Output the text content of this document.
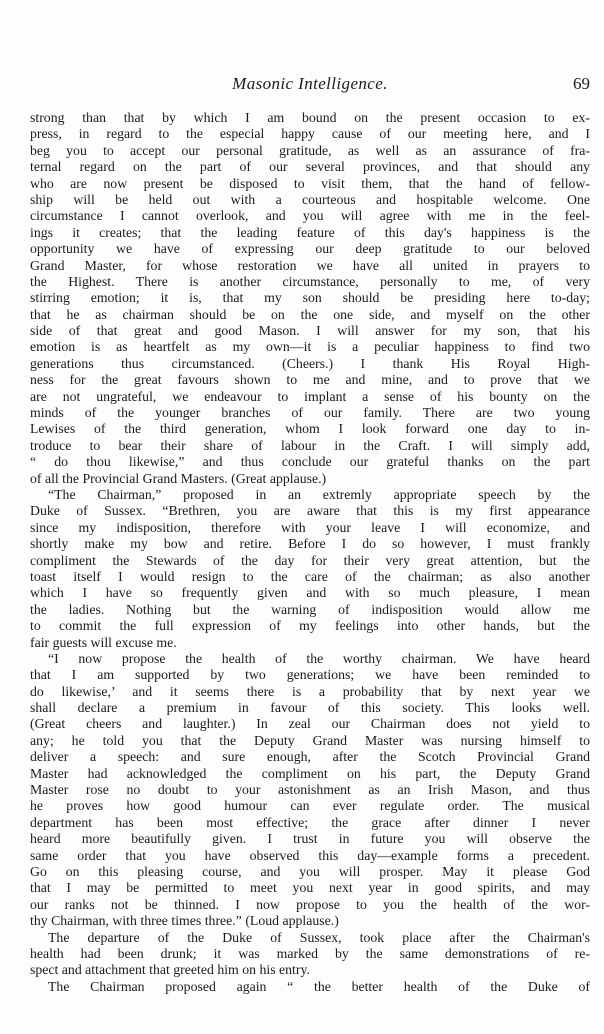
Masonic Intelligence.	69
strong than that by which I am bound on the present occasion to ex-
press, in regard to the especial happy cause of our meeting here, and I
beg you to accept our personal gratitude, as well as an assurance of fra-
ternal regard on the part of our several provinces, and that should any
who are now present be disposed to visit them, that the hand of fellow-
ship will be held out with a courteous and hospitable welcome. One
circumstance I cannot overlook, and you will agree with me in the feel-
ings it creates; that the leading feature of this day's happiness is the
opportunity we have of expressing our deep gratitude to our beloved
Grand Master, for whose restoration we have all united in prayers to
the Highest. There is another circumstance, personally to me, of very
stirring emotion; it is, that my son should be presiding here to-day;
that he as chairman should be on the one side, and myself on the other
side of that great and good Mason. I will answer for my son, that his
emotion is as heartfelt as my own—it is a peculiar happiness to find two
generations thus circumstanced. (Cheers.) I thank His Royal High-
ness for the great favours shown to me and mine, and to prove that we
are not ungrateful, we endeavour to implant a sense of his bounty on the
minds of the younger branches of our family. There are two young
Lewises of the third generation, whom I look forward one day to in-
troduce to bear their share of labour in the Craft. I will simply add,
“ do thou likewise,” and thus conclude our grateful thanks on the part
of all the Provincial Grand Masters. (Great applause.)
“The Chairman,” proposed in an extremly appropriate speech by the
Duke of Sussex. “Brethren, you are aware that this is my first appearance
since my indisposition, therefore with your leave I will economize, and
shortly make my bow and retire. Before I do so however, I must frankly
compliment the Stewards of the day for their very great attention, but the
toast itself I would resign to the care of the chairman; as also another
which I have so frequently given and with so much pleasure, I mean
the ladies. Nothing but the warning of indisposition would allow me
to commit the full expression of my feelings into other hands, but the
fair guests will excuse me.
“I now propose the health of the worthy chairman. We have heard
that I am supported by two generations; we have been reminded to
do likewise,’ and it seems there is a probability that by next year we
shall declare a premium in favour of this society. This looks well.
(Great cheers and laughter.) In zeal our Chairman does not yield to
any; he told you that the Deputy Grand Master was nursing himself to
deliver a speech: and sure enough, after the Scotch Provincial Grand
Master had acknowledged the compliment on his part, the Deputy Grand
Master rose no doubt to your astonishment as an Irish Mason, and thus
he proves how good humour can ever regulate order. The musical
department has been most effective; the grace after dinner I never
heard more beautifully given. I trust in future you will observe the
same order that you have observed this day—example forms a precedent.
Go on this pleasing course, and you will prosper. May it please God
that I may be permitted to meet you next year in good spirits, and may
our ranks not be thinned. I now propose to you the health of the wor-
thy Chairman, with three times three.” (Loud applause.)
The departure of the Duke of Sussex, took place after the Chairman's
health had been drunk; it was marked by the same demonstrations of re-
spect and attachment that greeted him on his entry.
The Chairman proposed again “ the better health of the Duke of
